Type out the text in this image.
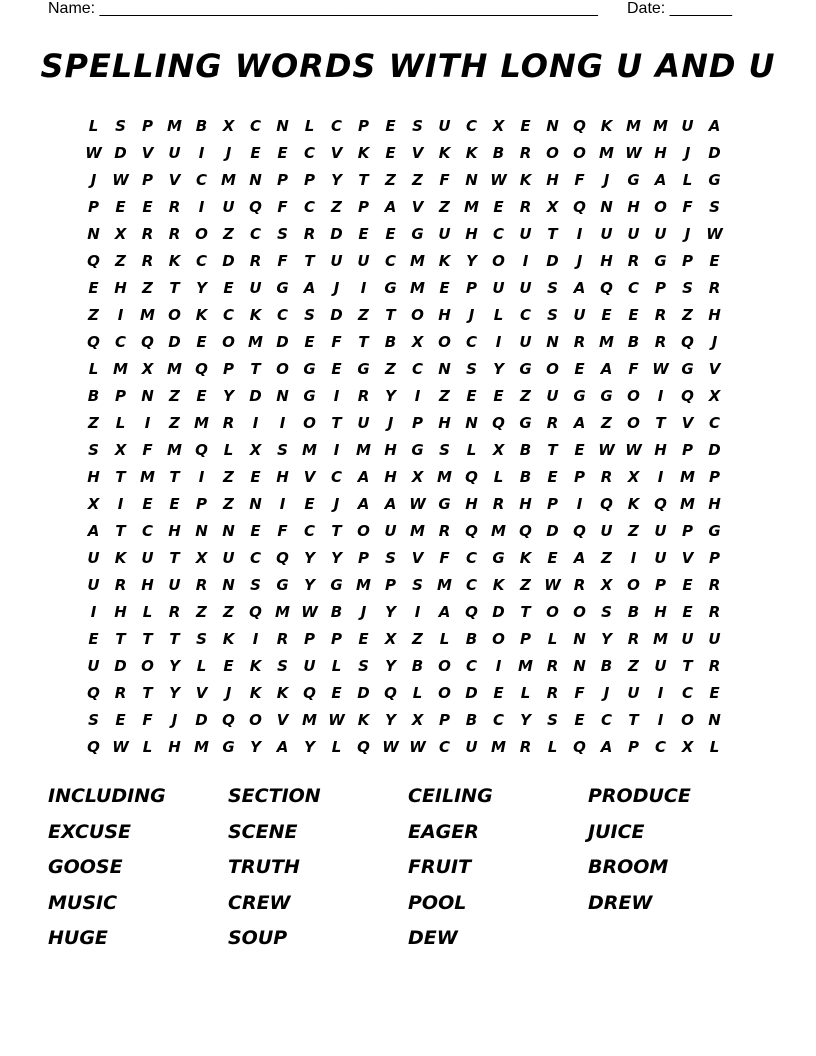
Name: ________________________________________________________ Date: _______
SPELLING WORDS WITH LONG U AND U
L	S	P M B	X	C	N	L	C	P	E	S	U	C	X	E	N Q K M M U	A
W D V	U	I	J	E	E	C	V	K	E	V	K	K	B	R O O M W H	J	D
J	W P	V	C M N	P	P	Y	T	Z	Z	F	N W K H	F	J	G	A	L	G
P	E	E	R	I	U Q	F	C	Z	P	A	V	Z M E	R	X Q N H O	F	S
N X	R	R O	Z	C	S	R D	E	E	G U H	C	U	T	I	U U U	J	W
Q	Z	R	K	C	D	R	F	T	U U	C M K	Y	O	I	D	J	H R	G	P	E
E	H	Z	T	Y	E	U G	A	J	I	G M E	P	U U	S	A Q	C	P	S	R
Z	I	M O K	C	K	C	S	D	Z	T	O H	J	L	C	S	U	E	E	R	Z	H
Q	C	Q D	E	O M D	E	F	T	B	X O	C	I	U N R M B	R Q	J
L M X M Q	P	T	O G	E	G	Z	C	N	S	Y	G O	E	A	F W G	V
B	P	N	Z	E	Y	D N G	I	R	Y	I	Z	E	E	Z	U G G O	I	Q X
Z	L	I	Z M R	I	I	O	T	U	J	P	H N Q G	R	A	Z	O	T	V	C
S	X	F M Q	L	X	S M	I	M H G	S	L	X	B	T	E W W H	P	D
H	T M T	I	Z	E	H V	C	A H X M Q	L	B	E	P	R	X	I	M P
X	I	E	E	P	Z	N	I	E	J	A	A W G H R H	P	I	Q K Q M H
A	T	C	H N N	E	F	C	T	O U M R Q M Q D Q U	Z	U	P	G
U	K	U	T	X	U	C	Q	Y	Y	P	S	V	F	C	G	K	E	A	Z	I	U	V	P
U	R H U	R N	S	G	Y	G M P	S M C	K	Z W R	X O	P	E	R
I	H	L	R	Z	Z	Q M W B	J	Y	I	A Q D	T	O O	S	B	H	E	R
E	T	T	T	S	K	I	R	P	P	E	X	Z	L	B O	P	L	N	Y	R M U U
U D O	Y	L	E	K	S	U	L	S	Y	B O	C	I	M R N	B	Z	U	T	R
Q R	T	Y	V	J	K	K Q	E	D Q	L	O D	E	L	R	F	J	U	I	C	E
S	E	F	J	D Q O V M W K	Y	X	P	B	C	Y	S	E	C	T	I	O N
Q W L	H M G	Y	A	Y	L	Q W W C	U M R	L	Q A	P	C	X	L
INCLUDING	SECTION	CEILING	PRODUCE
EXCUSE	SCENE	EAGER	JUICE
GOOSE	TRUTH	FRUIT	BROOM
MUSIC	CREW	POOL	DREW
HUGE	SOUP	DEW
